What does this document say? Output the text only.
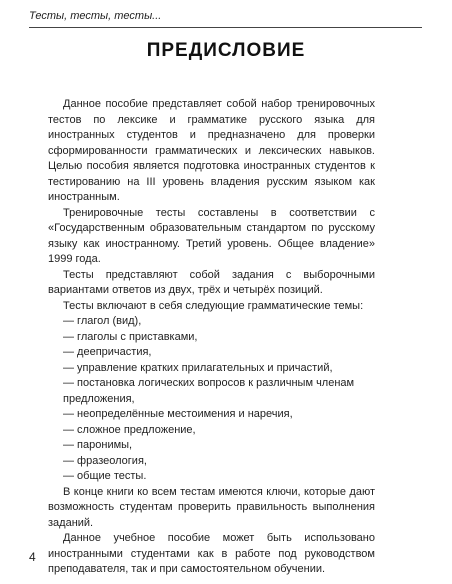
Тесты, тесты, тесты...
ПРЕДИСЛОВИЕ

Данное пособие представляет собой набор тренировочных тестов по лексике и грамматике русского языка для иностранных студентов и предназначено для проверки сформированности грамматических и лексических навыков. Целью пособия является подготовка иностранных студентов к тестированию на III уровень владения русским языком как иностранным.

Тренировочные тесты составлены в соответствии с «Государственным образовательным стандартом по русскому языку как иностранному. Третий уровень. Общее владение» 1999 года.

Тесты представляют собой задания с выборочными вариантами ответов из двух, трёх и четырёх позиций.

Тесты включают в себя следующие грамматические темы:

— глагол (вид),

— глаголы с приставками,

— деепричастия,

— управление кратких прилагательных и причастий,

— постановка логических вопросов к различным членам предложения,

— неопределённые местоимения и наречия,

— сложное предложение,

— паронимы,

— фразеология,

— общие тесты.

В конце книги ко всем тестам имеются ключи, которые дают возможность студентам проверить правильность выполнения заданий.

Данное учебное пособие может быть использовано иностранными студентами как в работе под руководством преподавателя, так и при самостоятельном обучении.

4
